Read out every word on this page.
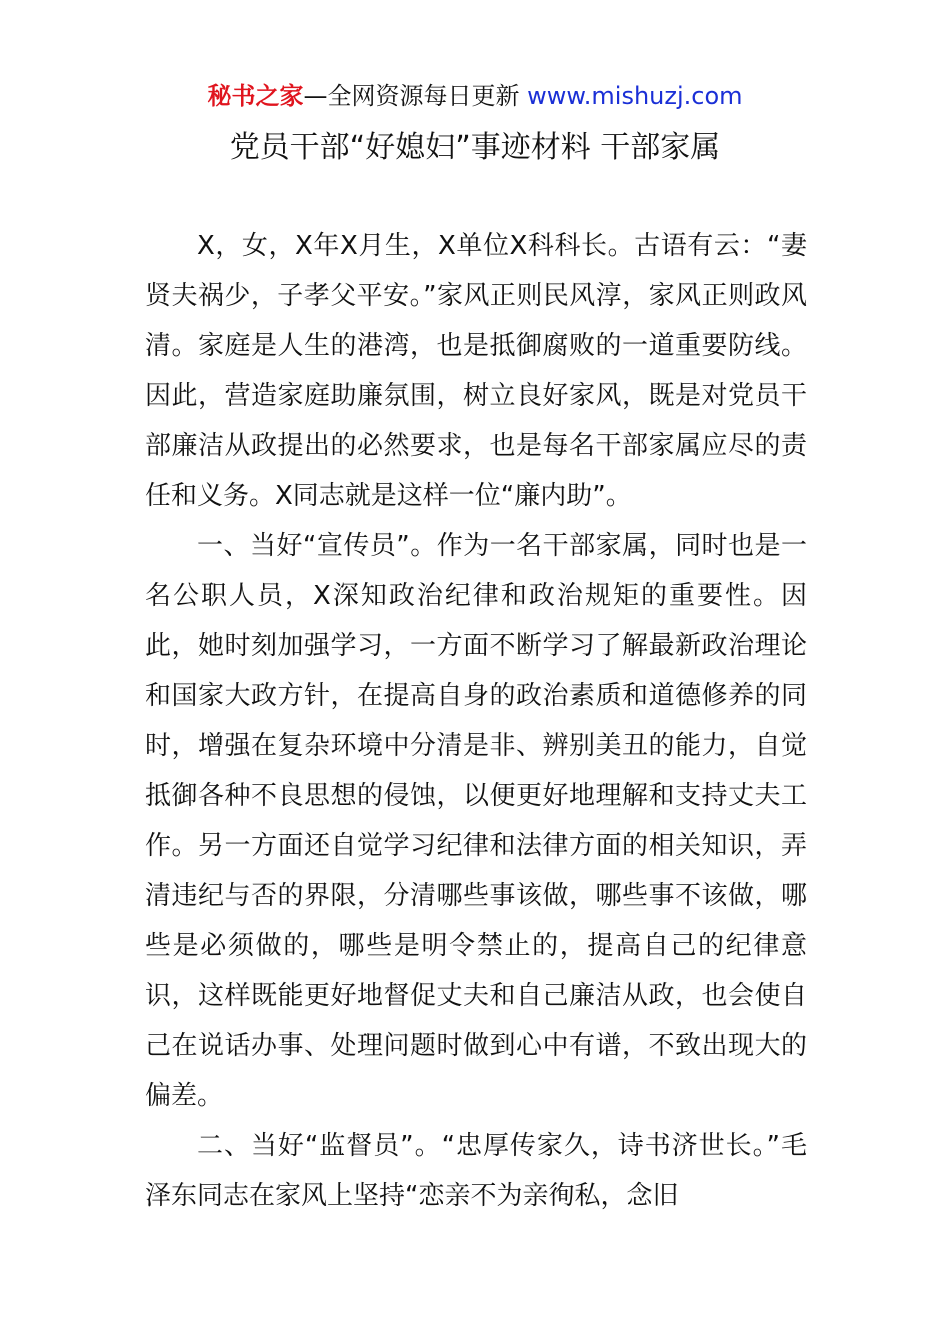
秘书之家—全网资源每日更新 www.mishuzj.com
党员干部“好媳妇”事迹材料 干部家属

X，女，X年X月生，X单位X科科长。古语有云：“妻贤夫祸少，子孝父平安。”家风正则民风淳，家风正则政风清。家庭是人生的港湾，也是抵御腐败的一道重要防线。因此，营造家庭助廉氛围，树立良好家风，既是对党员干部廉洁从政提出的必然要求，也是每名干部家属应尽的责任和义务。X同志就是这样一位“廉内助”。

一、当好“宣传员”。作为一名干部家属，同时也是一名公职人员，X深知政治纪律和政治规矩的重要性。因此，她时刻加强学习，一方面不断学习了解最新政治理论和国家大政方针，在提高自身的政治素质和道德修养的同时，增强在复杂环境中分清是非、辨别美丑的能力，自觉抵御各种不良思想的侵蚀，以便更好地理解和支持丈夫工作。另一方面还自觉学习纪律和法律方面的相关知识，弄清违纪与否的界限，分清哪些事该做，哪些事不该做，哪些是必须做的，哪些是明令禁止的，提高自己的纪律意识，这样既能更好地督促丈夫和自己廉洁从政，也会使自己在说话办事、处理问题时做到心中有谱，不致出现大的偏差。

二、当好“监督员”。“忠厚传家久，诗书济世长。”毛泽东同志在家风上坚持“恋亲不为亲徇私，念旧
